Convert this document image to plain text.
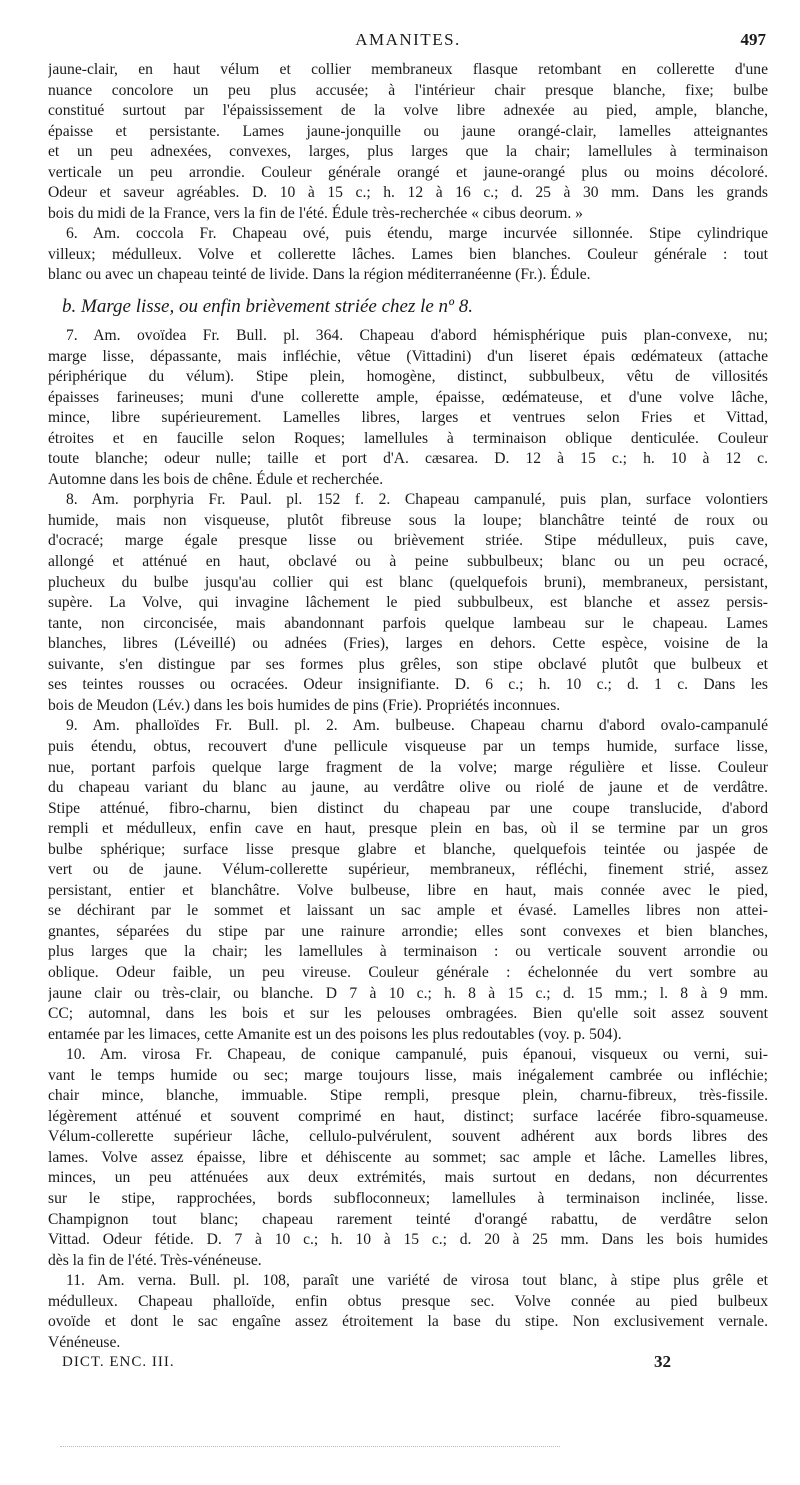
AMANITES.	497
jaune-clair, en haut vélum et collier membraneux flasque retombant en collerette d'une
nuance concolore un peu plus accusée; à l'intérieur chair presque blanche, fixe; bulbe
constitué surtout par l'épaississement de la volve libre adnexée au pied, ample, blanche,
épaisse et persistante. Lames jaune-jonquille ou jaune orangé-clair, lamelles atteignantes
et un peu adnexées, convexes, larges, plus larges que la chair; lamellules à terminaison
verticale un peu arrondie. Couleur générale orangé et jaune-orangé plus ou moins décoloré.
Odeur et saveur agréables. D. 10 à 15 c.; h. 12 à 16 c.; d. 25 à 30 mm. Dans les grands
bois du midi de la France, vers la fin de l'été. Édule très-recherchée « cibus deorum. »
6. Am. coccola Fr. Chapeau ové, puis étendu, marge incurvée sillonnée. Stipe cylindrique
villeux; médulleux. Volve et collerette lâches. Lames bien blanches. Couleur générale : tout
blanc ou avec un chapeau teinté de livide. Dans la région méditerranéenne (Fr.). Édule.
b. Marge lisse, ou enfin brièvement striée chez le nº 8.
7. Am. ovoïdea Fr. Bull. pl. 364. Chapeau d'abord hémisphérique puis plan-convexe, nu;
marge lisse, dépassante, mais infléchie, vêtue (Vittadini) d'un liseret épais œdémateux (attache
périphérique du vélum). Stipe plein, homogène, distinct, subbulbeux, vêtu de villosités
épaisses farineuses; muni d'une collerette ample, épaisse, œdémateuse, et d'une volve lâche,
mince, libre supérieurement. Lamelles libres, larges et ventrues selon Fries et Vittad,
étroites et en faucille selon Roques; lamellules à terminaison oblique denticulée. Couleur
toute blanche; odeur nulle; taille et port d'A. cæsarea. D. 12 à 15 c.; h. 10 à 12 c.
Automne dans les bois de chêne. Édule et recherchée.
8. Am. porphyria Fr. Paul. pl. 152 f. 2. Chapeau campanulé, puis plan, surface volontiers
humide, mais non visqueuse, plutôt fibreuse sous la loupe; blanchâtre teinté de roux ou
d'ocracé; marge égale presque lisse ou brièvement striée. Stipe médulleux, puis cave,
allongé et atténué en haut, obclavé ou à peine subbulbeux; blanc ou un peu ocracé,
plucheux du bulbe jusqu'au collier qui est blanc (quelquefois bruni), membraneux, persistant,
supère. La Volve, qui invagine lâchement le pied subbulbeux, est blanche et assez persis-
tante, non circoncisée, mais abandonnant parfois quelque lambeau sur le chapeau. Lames
blanches, libres (Léveillé) ou adnées (Fries), larges en dehors. Cette espèce, voisine de la
suivante, s'en distingue par ses formes plus grêles, son stipe obclavé plutôt que bulbeux et
ses teintes rousses ou ocracées. Odeur insignifiante. D. 6 c.; h. 10 c.; d. 1 c. Dans les
bois de Meudon (Lév.) dans les bois humides de pins (Frie). Propriétés inconnues.
9. Am. phalloïdes Fr. Bull. pl. 2. Am. bulbeuse. Chapeau charnu d'abord ovalo-campanulé
puis étendu, obtus, recouvert d'une pellicule visqueuse par un temps humide, surface lisse,
nue, portant parfois quelque large fragment de la volve; marge régulière et lisse. Couleur
du chapeau variant du blanc au jaune, au verdâtre olive ou riolé de jaune et de verdâtre.
Stipe atténué, fibro-charnu, bien distinct du chapeau par une coupe translucide, d'abord
rempli et médulleux, enfin cave en haut, presque plein en bas, où il se termine par un gros
bulbe sphérique; surface lisse presque glabre et blanche, quelquefois teintée ou jaspée de
vert ou de jaune. Vélum-collerette supérieur, membraneux, réfléchi, finement strié, assez
persistant, entier et blanchâtre. Volve bulbeuse, libre en haut, mais connée avec le pied,
se déchirant par le sommet et laissant un sac ample et évasé. Lamelles libres non attei-
gnantes, séparées du stipe par une rainure arrondie; elles sont convexes et bien blanches,
plus larges que la chair; les lamellules à terminaison : ou verticale souvent arrondie ou
oblique. Odeur faible, un peu vireuse. Couleur générale : échelonnée du vert sombre au
jaune clair ou très-clair, ou blanche. D 7 à 10 c.; h. 8 à 15 c.; d. 15 mm.; l. 8 à 9 mm.
CC; automnal, dans les bois et sur les pelouses ombragées. Bien qu'elle soit assez souvent
entamée par les limaces, cette Amanite est un des poisons les plus redoutables (voy. p. 504).
10. Am. virosa Fr. Chapeau, de conique campanulé, puis épanoui, visqueux ou verni, sui-
vant le temps humide ou sec; marge toujours lisse, mais inégalement cambrée ou infléchie;
chair mince, blanche, immuable. Stipe rempli, presque plein, charnu-fibreux, très-fissile.
légèrement atténué et souvent comprimé en haut, distinct; surface lacérée fibro-squameuse.
Vélum-collerette supérieur lâche, cellulo-pulvérulent, souvent adhérent aux bords libres des
lames. Volve assez épaisse, libre et déhiscente au sommet; sac ample et lâche. Lamelles libres,
minces, un peu atténuées aux deux extrémités, mais surtout en dedans, non décurrentes
sur le stipe, rapprochées, bords subfloconneux; lamellules à terminaison inclinée, lisse.
Champignon tout blanc; chapeau rarement teinté d'orangé rabattu, de verdâtre selon
Vittad. Odeur fétide. D. 7 à 10 c.; h. 10 à 15 c.; d. 20 à 25 mm. Dans les bois humides
dès la fin de l'été. Très-vénéneuse.
11. Am. verna. Bull. pl. 108, paraît une variété de virosa tout blanc, à stipe plus grêle et
médulleux. Chapeau phalloïde, enfin obtus presque sec. Volve connée au pied bulbeux
ovoïde et dont le sac engaîne assez étroitement la base du stipe. Non exclusivement vernale.
Vénéneuse.
DICT. ENC. III.	32
